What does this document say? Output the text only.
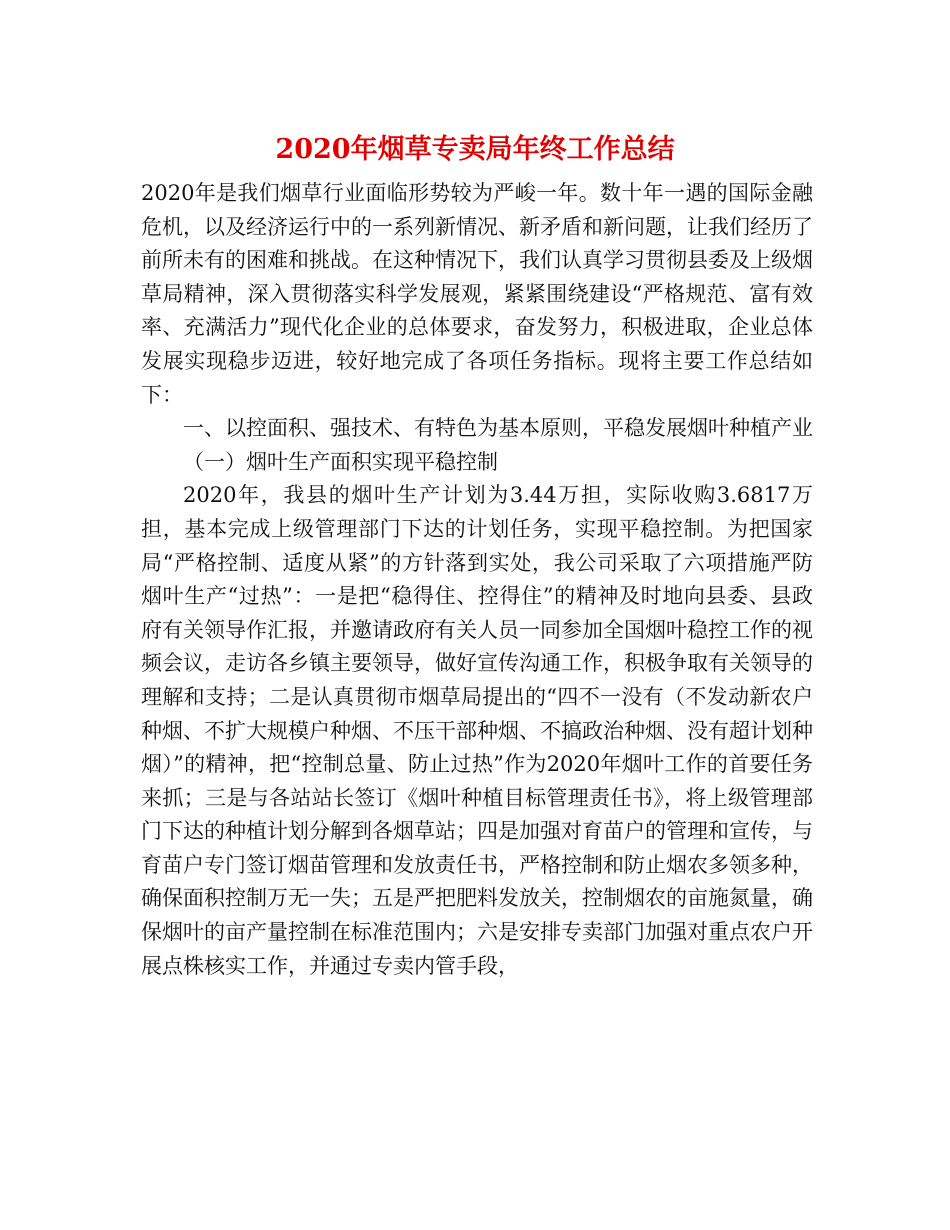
2020年烟草专卖局年终工作总结

2020年是我们烟草行业面临形势较为严峻一年。数十年一遇的国际金融危机，以及经济运行中的一系列新情况、新矛盾和新问题，让我们经历了前所未有的困难和挑战。在这种情况下，我们认真学习贯彻县委及上级烟草局精神，深入贯彻落实科学发展观，紧紧围绕建设“严格规范、富有效率、充满活力”现代化企业的总体要求，奋发努力，积极进取，企业总体发展实现稳步迈进，较好地完成了各项任务指标。现将主要工作总结如下：

一、以控面积、强技术、有特色为基本原则，平稳发展烟叶种植产业

（一）烟叶生产面积实现平稳控制

2020年，我县的烟叶生产计划为3.44万担，实际收购3.6817万担，基本完成上级管理部门下达的计划任务，实现平稳控制。为把国家局“严格控制、适度从紧”的方针落到实处，我公司采取了六项措施严防烟叶生产“过热”：一是把“稳得住、控得住”的精神及时地向县委、县政府有关领导作汇报，并邀请政府有关人员一同参加全国烟叶稳控工作的视频会议，走访各乡镇主要领导，做好宣传沟通工作，积极争取有关领导的理解和支持；二是认真贯彻市烟草局提出的“四不一没有（不发动新农户种烟、不扩大规模户种烟、不压干部种烟、不搞政治种烟、没有超计划种烟）”的精神，把“控制总量、防止过热”作为2020年烟叶工作的首要任务来抓；三是与各站站长签订《烟叶种植目标管理责任书》，将上级管理部门下达的种植计划分解到各烟草站；四是加强对育苗户的管理和宣传，与育苗户专门签订烟苗管理和发放责任书，严格控制和防止烟农多领多种，确保面积控制万无一失；五是严把肥料发放关，控制烟农的亩施氮量，确保烟叶的亩产量控制在标准范围内；六是安排专卖部门加强对重点农户开展点株核实工作，并通过专卖内管手段，
